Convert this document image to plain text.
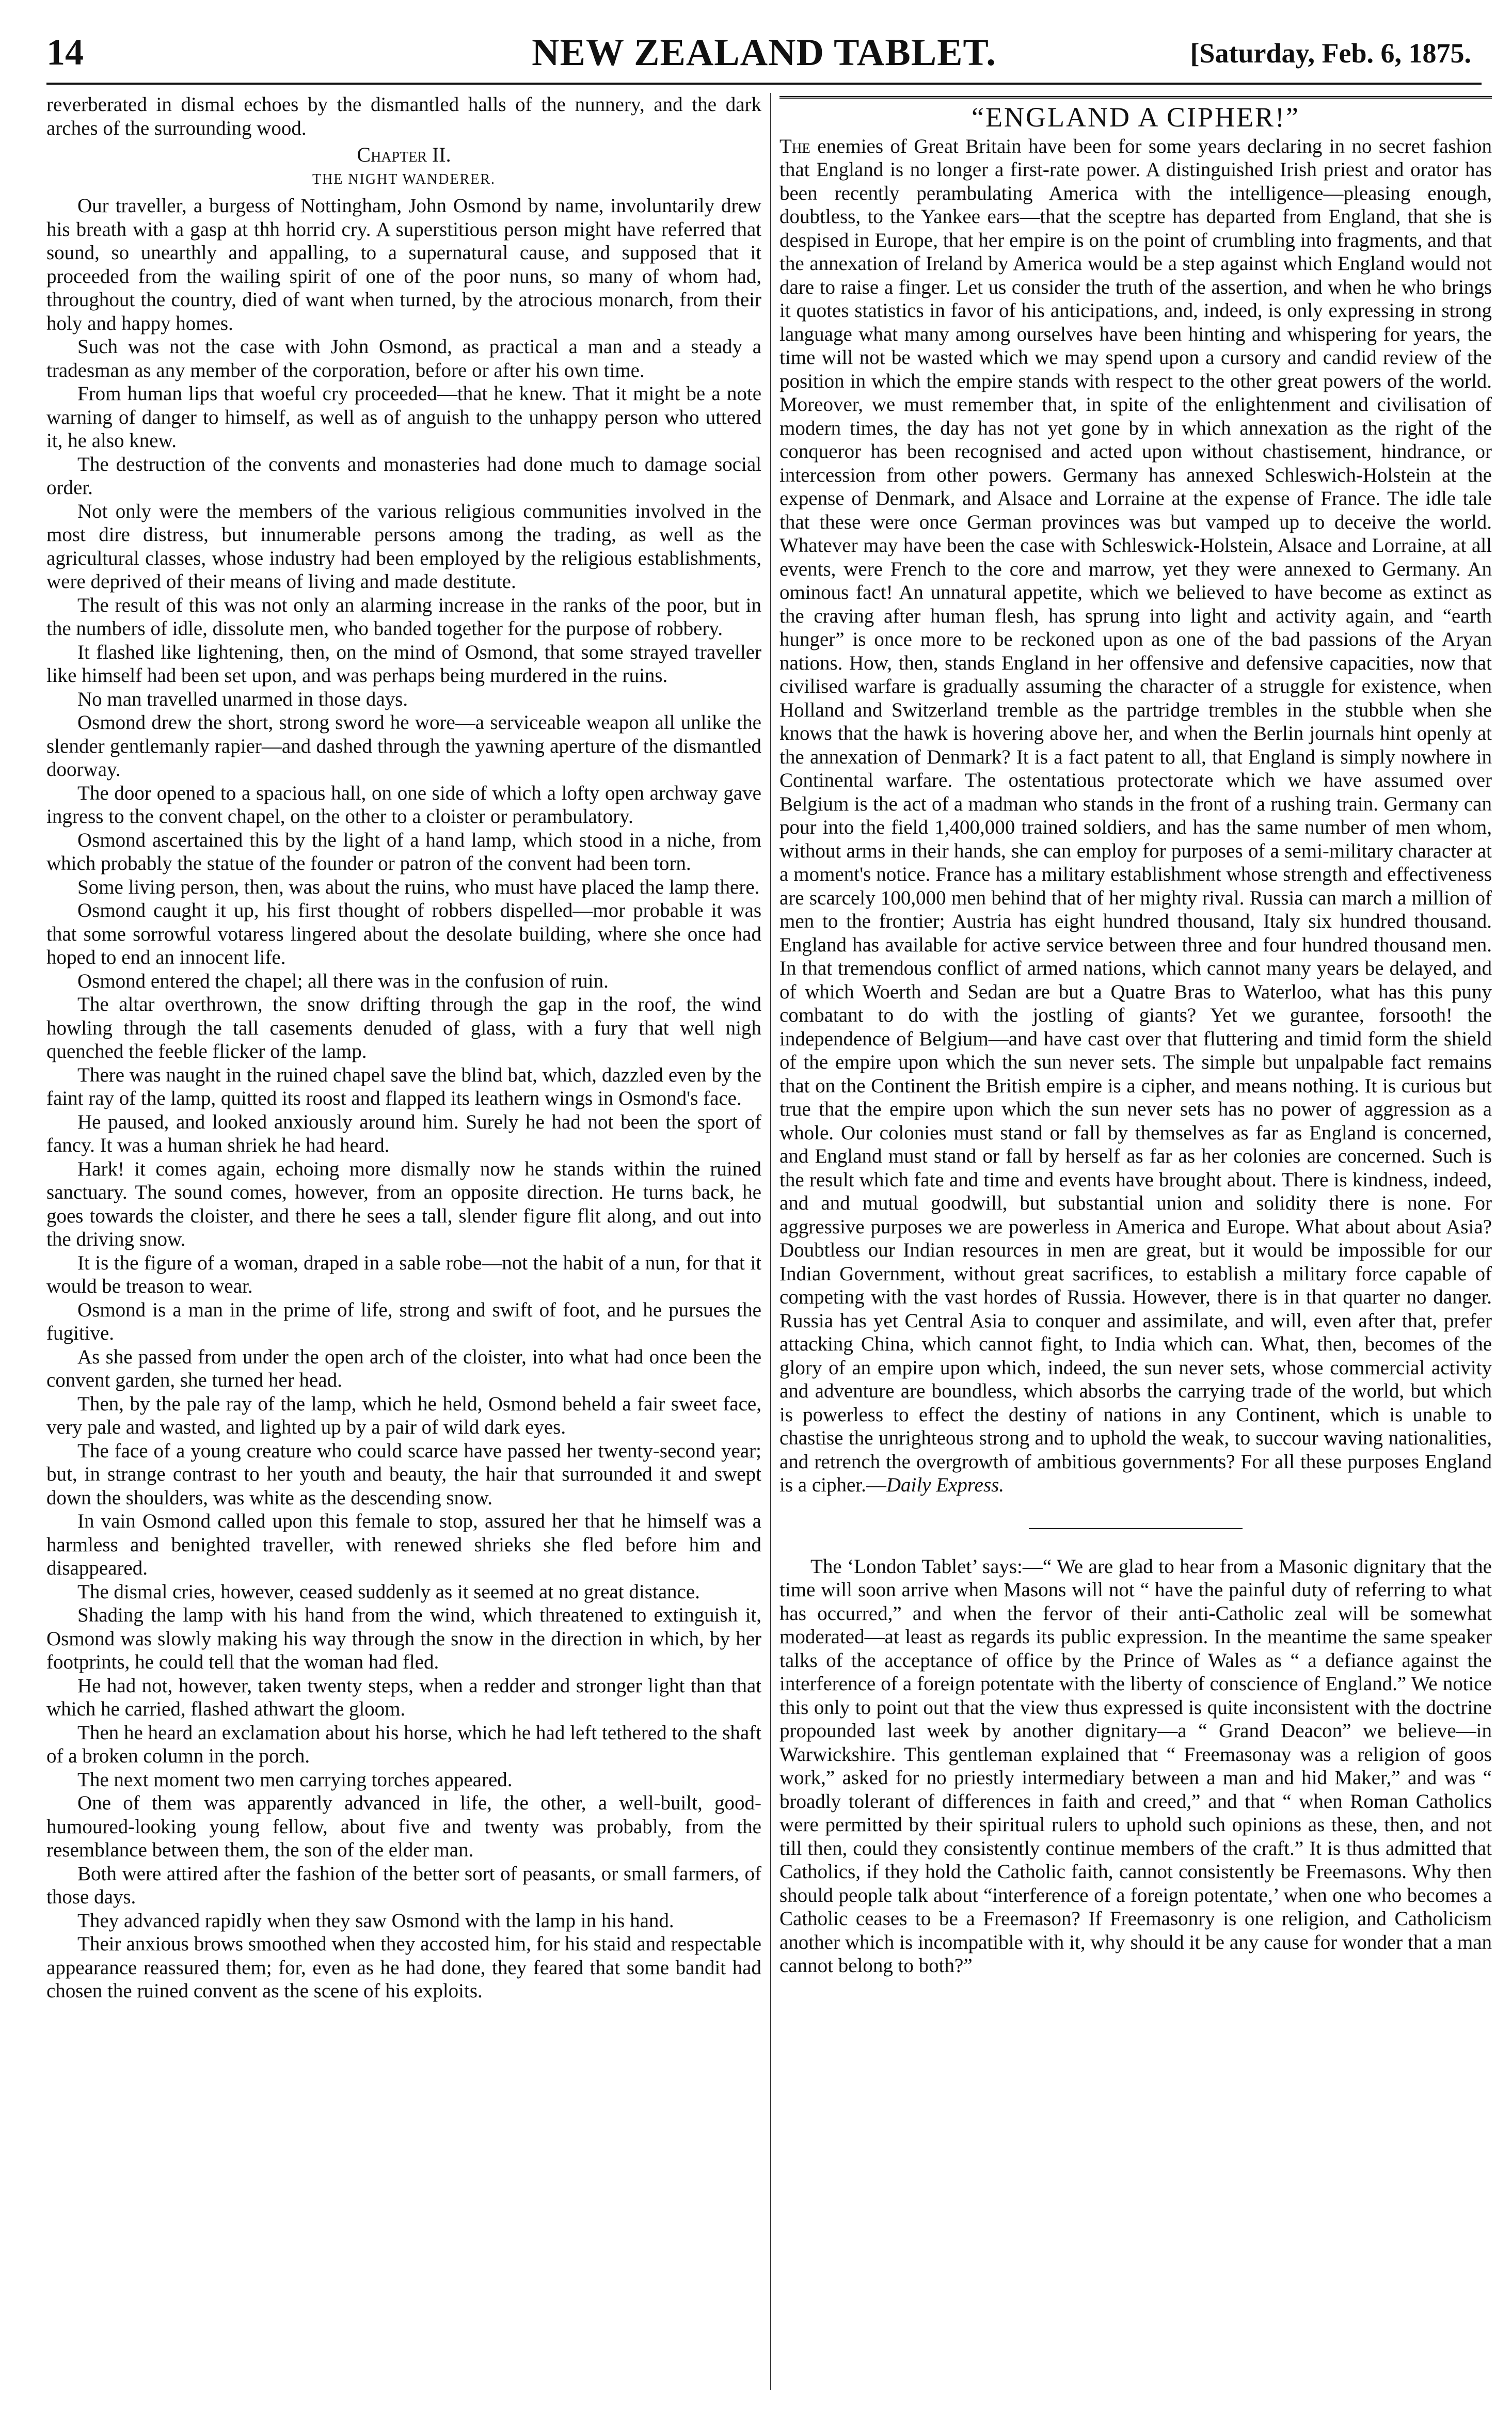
14	NEW ZEALAND TABLET.	[Saturday, Feb. 6, 1875.

reverberated in dismal echoes by the dismantled halls of the nunnery, and the dark arches of the surrounding wood.

Chapter II.
THE NIGHT WANDERER.

Our traveller, a burgess of Nottingham, John Osmond by name, involuntarily drew his breath with a gasp at thh horrid cry. A superstitious person might have referred that sound, so unearthly and appalling, to a supernatural cause, and supposed that it proceeded from the wailing spirit of one of the poor nuns, so many of whom had, throughout the country, died of want when turned, by the atrocious monarch, from their holy and happy homes.

Such was not the case with John Osmond, as practical a man and a steady a tradesman as any member of the corporation, before or after his own time.

From human lips that woeful cry proceeded—that he knew. That it might be a note warning of danger to himself, as well as of anguish to the unhappy person who uttered it, he also knew.

The destruction of the convents and monasteries had done much to damage social order.

Not only were the members of the various religious communities involved in the most dire distress, but innumerable persons among the trading, as well as the agricultural classes, whose industry had been employed by the religious establishments, were deprived of their means of living and made destitute.

The result of this was not only an alarming increase in the ranks of the poor, but in the numbers of idle, dissolute men, who banded together for the purpose of robbery.

It flashed like lightening, then, on the mind of Osmond, that some strayed traveller like himself had been set upon, and was perhaps being murdered in the ruins.

No man travelled unarmed in those days.

Osmond drew the short, strong sword he wore—a serviceable weapon all unlike the slender gentlemanly rapier—and dashed through the yawning aperture of the dismantled doorway.

The door opened to a spacious hall, on one side of which a lofty open archway gave ingress to the convent chapel, on the other to a cloister or perambulatory.

Osmond ascertained this by the light of a hand lamp, which stood in a niche, from which probably the statue of the founder or patron of the convent had been torn.

Some living person, then, was about the ruins, who must have placed the lamp there.

Osmond caught it up, his first thought of robbers dispelled—mor probable it was that some sorrowful votaress lingered about the desolate building, where she once had hoped to end an innocent life.

Osmond entered the chapel; all there was in the confusion of ruin.

The altar overthrown, the snow drifting through the gap in the roof, the wind howling through the tall casements denuded of glass, with a fury that well nigh quenched the feeble flicker of the lamp.

There was naught in the ruined chapel save the blind bat, which, dazzled even by the faint ray of the lamp, quitted its roost and flapped its leathern wings in Osmond's face.

He paused, and looked anxiously around him. Surely he had not been the sport of fancy. It was a human shriek he had heard.

Hark! it comes again, echoing more dismally now he stands within the ruined sanctuary. The sound comes, however, from an opposite direction. He turns back, he goes towards the cloister, and there he sees a tall, slender figure flit along, and out into the driving snow.

It is the figure of a woman, draped in a sable robe—not the habit of a nun, for that it would be treason to wear.

Osmond is a man in the prime of life, strong and swift of foot, and he pursues the fugitive.

As she passed from under the open arch of the cloister, into what had once been the convent garden, she turned her head.

Then, by the pale ray of the lamp, which he held, Osmond beheld a fair sweet face, very pale and wasted, and lighted up by a pair of wild dark eyes.

The face of a young creature who could scarce have passed her twenty-second year; but, in strange contrast to her youth and beauty, the hair that surrounded it and swept down the shoulders, was white as the descending snow.

In vain Osmond called upon this female to stop, assured her that he himself was a harmless and benighted traveller, with renewed shrieks she fled before him and disappeared.

The dismal cries, however, ceased suddenly as it seemed at no great distance.

Shading the lamp with his hand from the wind, which threatened to extinguish it, Osmond was slowly making his way through the snow in the direction in which, by her footprints, he could tell that the woman had fled.

He had not, however, taken twenty steps, when a redder and stronger light than that which he carried, flashed athwart the gloom.

Then he heard an exclamation about his horse, which he had left tethered to the shaft of a broken column in the porch.

The next moment two men carrying torches appeared.

One of them was apparently advanced in life, the other, a well-built, good-humoured-looking young fellow, about five and twenty was probably, from the resemblance between them, the son of the elder man.

Both were attired after the fashion of the better sort of peasants, or small farmers, of those days.

They advanced rapidly when they saw Osmond with the lamp in his hand.

Their anxious brows smoothed when they accosted him, for his staid and respectable appearance reassured them; for, even as he had done, they feared that some bandit had chosen the ruined convent as the scene of his exploits.

“ENGLAND A CIPHER!”

The enemies of Great Britain have been for some years declaring in no secret fashion that England is no longer a first-rate power. A distinguished Irish priest and orator has been recently perambulating America with the intelligence—pleasing enough, doubtless, to the Yankee ears—that the sceptre has departed from England, that she is despised in Europe, that her empire is on the point of crumbling into fragments, and that the annexation of Ireland by America would be a step against which England would not dare to raise a finger. Let us consider the truth of the assertion, and when he who brings it quotes statistics in favor of his anticipations, and, indeed, is only expressing in strong language what many among ourselves have been hinting and whispering for years, the time will not be wasted which we may spend upon a cursory and candid review of the position in which the empire stands with respect to the other great powers of the world. Moreover, we must remember that, in spite of the enlightenment and civilisation of modern times, the day has not yet gone by in which annexation as the right of the conqueror has been recognised and acted upon without chastisement, hindrance, or intercession from other powers. Germany has annexed Schleswich-Holstein at the expense of Denmark, and Alsace and Lorraine at the expense of France. The idle tale that these were once German provinces was but vamped up to deceive the world. Whatever may have been the case with Schleswick-Holstein, Alsace and Lorraine, at all events, were French to the core and marrow, yet they were annexed to Germany. An ominous fact! An unnatural appetite, which we believed to have become as extinct as the craving after human flesh, has sprung into light and activity again, and “earth hunger” is once more to be reckoned upon as one of the bad passions of the Aryan nations. How, then, stands England in her offensive and defensive capacities, now that civilised warfare is gradually assuming the character of a struggle for existence, when Holland and Switzerland tremble as the partridge trembles in the stubble when she knows that the hawk is hovering above her, and when the Berlin journals hint openly at the annexation of Denmark? It is a fact patent to all, that England is simply nowhere in Continental warfare. The ostentatious protectorate which we have assumed over Belgium is the act of a madman who stands in the front of a rushing train. Germany can pour into the field 1,400,000 trained soldiers, and has the same number of men whom, without arms in their hands, she can employ for purposes of a semi-military character at a moment's notice. France has a military establishment whose strength and effectiveness are scarcely 100,000 men behind that of her mighty rival. Russia can march a million of men to the frontier; Austria has eight hundred thousand, Italy six hundred thousand. England has available for active service between three and four hundred thousand men. In that tremendous conflict of armed nations, which cannot many years be delayed, and of which Woerth and Sedan are but a Quatre Bras to Waterloo, what has this puny combatant to do with the jostling of giants? Yet we gurantee, forsooth! the independence of Belgium—and have cast over that fluttering and timid form the shield of the empire upon which the sun never sets. The simple but unpalpable fact remains that on the Continent the British empire is a cipher, and means nothing. It is curious but true that the empire upon which the sun never sets has no power of aggression as a whole. Our colonies must stand or fall by themselves as far as England is concerned, and England must stand or fall by herself as far as her colonies are concerned. Such is the result which fate and time and events have brought about. There is kindness, indeed, and and mutual goodwill, but substantial union and solidity there is none. For aggressive purposes we are powerless in America and Europe. What about about Asia? Doubtless our Indian resources in men are great, but it would be impossible for our Indian Government, without great sacrifices, to establish a military force capable of competing with the vast hordes of Russia. However, there is in that quarter no danger. Russia has yet Central Asia to conquer and assimilate, and will, even after that, prefer attacking China, which cannot fight, to India which can. What, then, becomes of the glory of an empire upon which, indeed, the sun never sets, whose commercial activity and adventure are boundless, which absorbs the carrying trade of the world, but which is powerless to effect the destiny of nations in any Continent, which is unable to chastise the unrighteous strong and to uphold the weak, to succour waving nationalities, and retrench the overgrowth of ambitious governments? For all these purposes England is a cipher.—Daily Express.

The ‘London Tablet’ says:—“ We are glad to hear from a Masonic dignitary that the time will soon arrive when Masons will not “ have the painful duty of referring to what has occurred,” and when the fervor of their anti-Catholic zeal will be somewhat moderated—at least as regards its public expression. In the meantime the same speaker talks of the acceptance of office by the Prince of Wales as “ a defiance against the interference of a foreign potentate with the liberty of conscience of England.” We notice this only to point out that the view thus expressed is quite inconsistent with the doctrine propounded last week by another dignitary—a “ Grand Deacon” we believe—in Warwickshire. This gentleman explained that “ Freemasonay was a religion of goos work,” asked for no priestly intermediary between a man and hid Maker,” and was “ broadly tolerant of differences in faith and creed,” and that “ when Roman Catholics were permitted by their spiritual rulers to uphold such opinions as these, then, and not till then, could they consistently continue members of the craft.” It is thus admitted that Catholics, if they hold the Catholic faith, cannot consistently be Freemasons. Why then should people talk about “interference of a foreign potentate,’ when one who becomes a Catholic ceases to be a Freemason? If Freemasonry is one religion, and Catholicism another which is incompatible with it, why should it be any cause for wonder that a man cannot belong to both?”
